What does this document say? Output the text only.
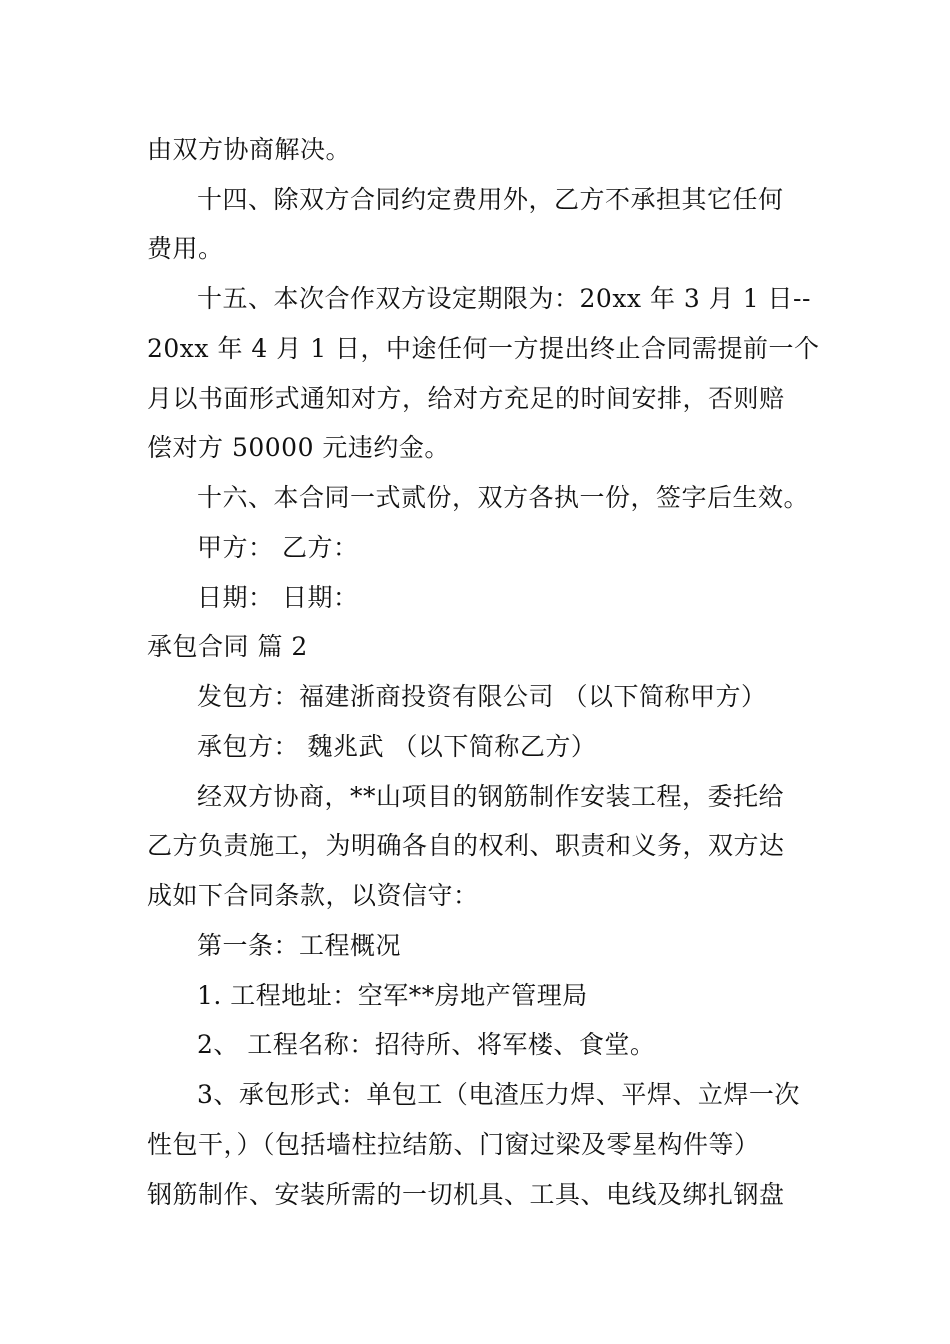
由双方协商解决。
十四、除双方合同约定费用外，乙方不承担其它任何
费用。
十五、本次合作双方设定期限为：20xx 年 3 月 1 日--
20xx 年 4 月 1 日，中途任何一方提出终止合同需提前一个
月以书面形式通知对方，给对方充足的时间安排，否则赔
偿对方 50000 元违约金。
十六、本合同一式贰份，双方各执一份，签字后生效。
甲方： 乙方：
日期： 日期：
承包合同 篇 2
发包方：福建浙商投资有限公司 （以下简称甲方）
承包方： 魏兆武 （以下简称乙方）
经双方协商，**山项目的钢筋制作安装工程，委托给
乙方负责施工，为明确各自的权利、职责和义务，双方达
成如下合同条款，以资信守：
第一条：工程概况
1. 工程地址：空军**房地产管理局
2、 工程名称：招待所、将军楼、食堂。
3、承包形式：单包工（电渣压力焊、平焊、立焊一次
性包干，）（包括墙柱拉结筋、门窗过梁及零星构件等）
钢筋制作、安装所需的一切机具、工具、电线及绑扎钢盘
